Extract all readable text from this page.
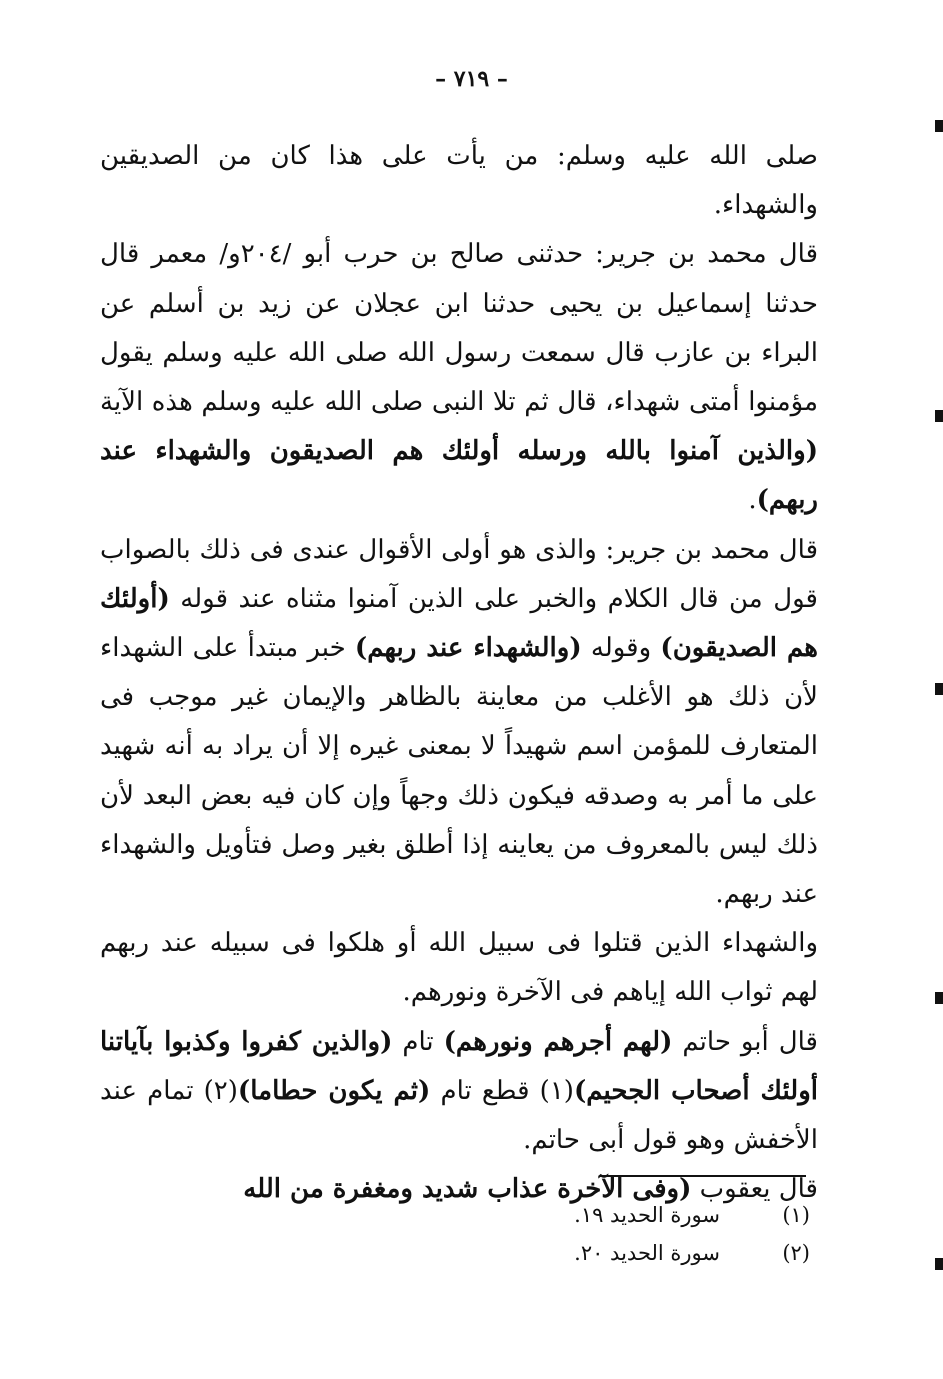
– ٧١٩ –

صلى الله عليه وسلم: من يأت على هذا كان من الصديقين والشهداء.

قال محمد بن جرير: حدثنى صالح بن حرب أبو /٢٠٤و/ معمر قال حدثنا إسماعيل بن يحيى حدثنا ابن عجلان عن زيد بن أسلم عن البراء بن عازب قال سمعت رسول الله صلى الله عليه وسلم يقول مؤمنوا أمتى شهداء، قال ثم تلا النبى صلى الله عليه وسلم هذه الآية (والذين آمنوا بالله ورسله أولئك هم الصديقون والشهداء عند ربهم).

قال محمد بن جرير: والذى هو أولى الأقوال عندى فى ذلك بالصواب قول من قال الكلام والخبر على الذين آمنوا مثناه عند قوله (أولئك هم الصديقون) وقوله (والشهداء عند ربهم) خبر مبتدأ على الشهداء لأن ذلك هو الأغلب من معاينة بالظاهر والإيمان غير موجب فى المتعارف للمؤمن اسم شهيداً لا بمعنى غيره إلا أن يراد به أنه شهيد على ما أمر به وصدقه فيكون ذلك وجهاً وإن كان فيه بعض البعد لأن ذلك ليس بالمعروف من يعاينه إذا أطلق بغير وصل فتأويل والشهداء عند ربهم.

والشهداء الذين قتلوا فى سبيل الله أو هلكوا فى سبيله عند ربهم لهم ثواب الله إياهم فى الآخرة ونورهم.

قال أبو حاتم (لهم أجرهم ونورهم) تام (والذين كفروا وكذبوا بآياتنا أولئك أصحاب الجحيم)(١) قطع تام (ثم يكون حطاما)(٢) تمام عند الأخفش وهو قول أبى حاتم.

قال يعقوب (وفى الآخرة عذاب شديد ومغفرة من الله

(١)
سورة الحديد ١٩.
(٢)
سورة الحديد ٢٠.
